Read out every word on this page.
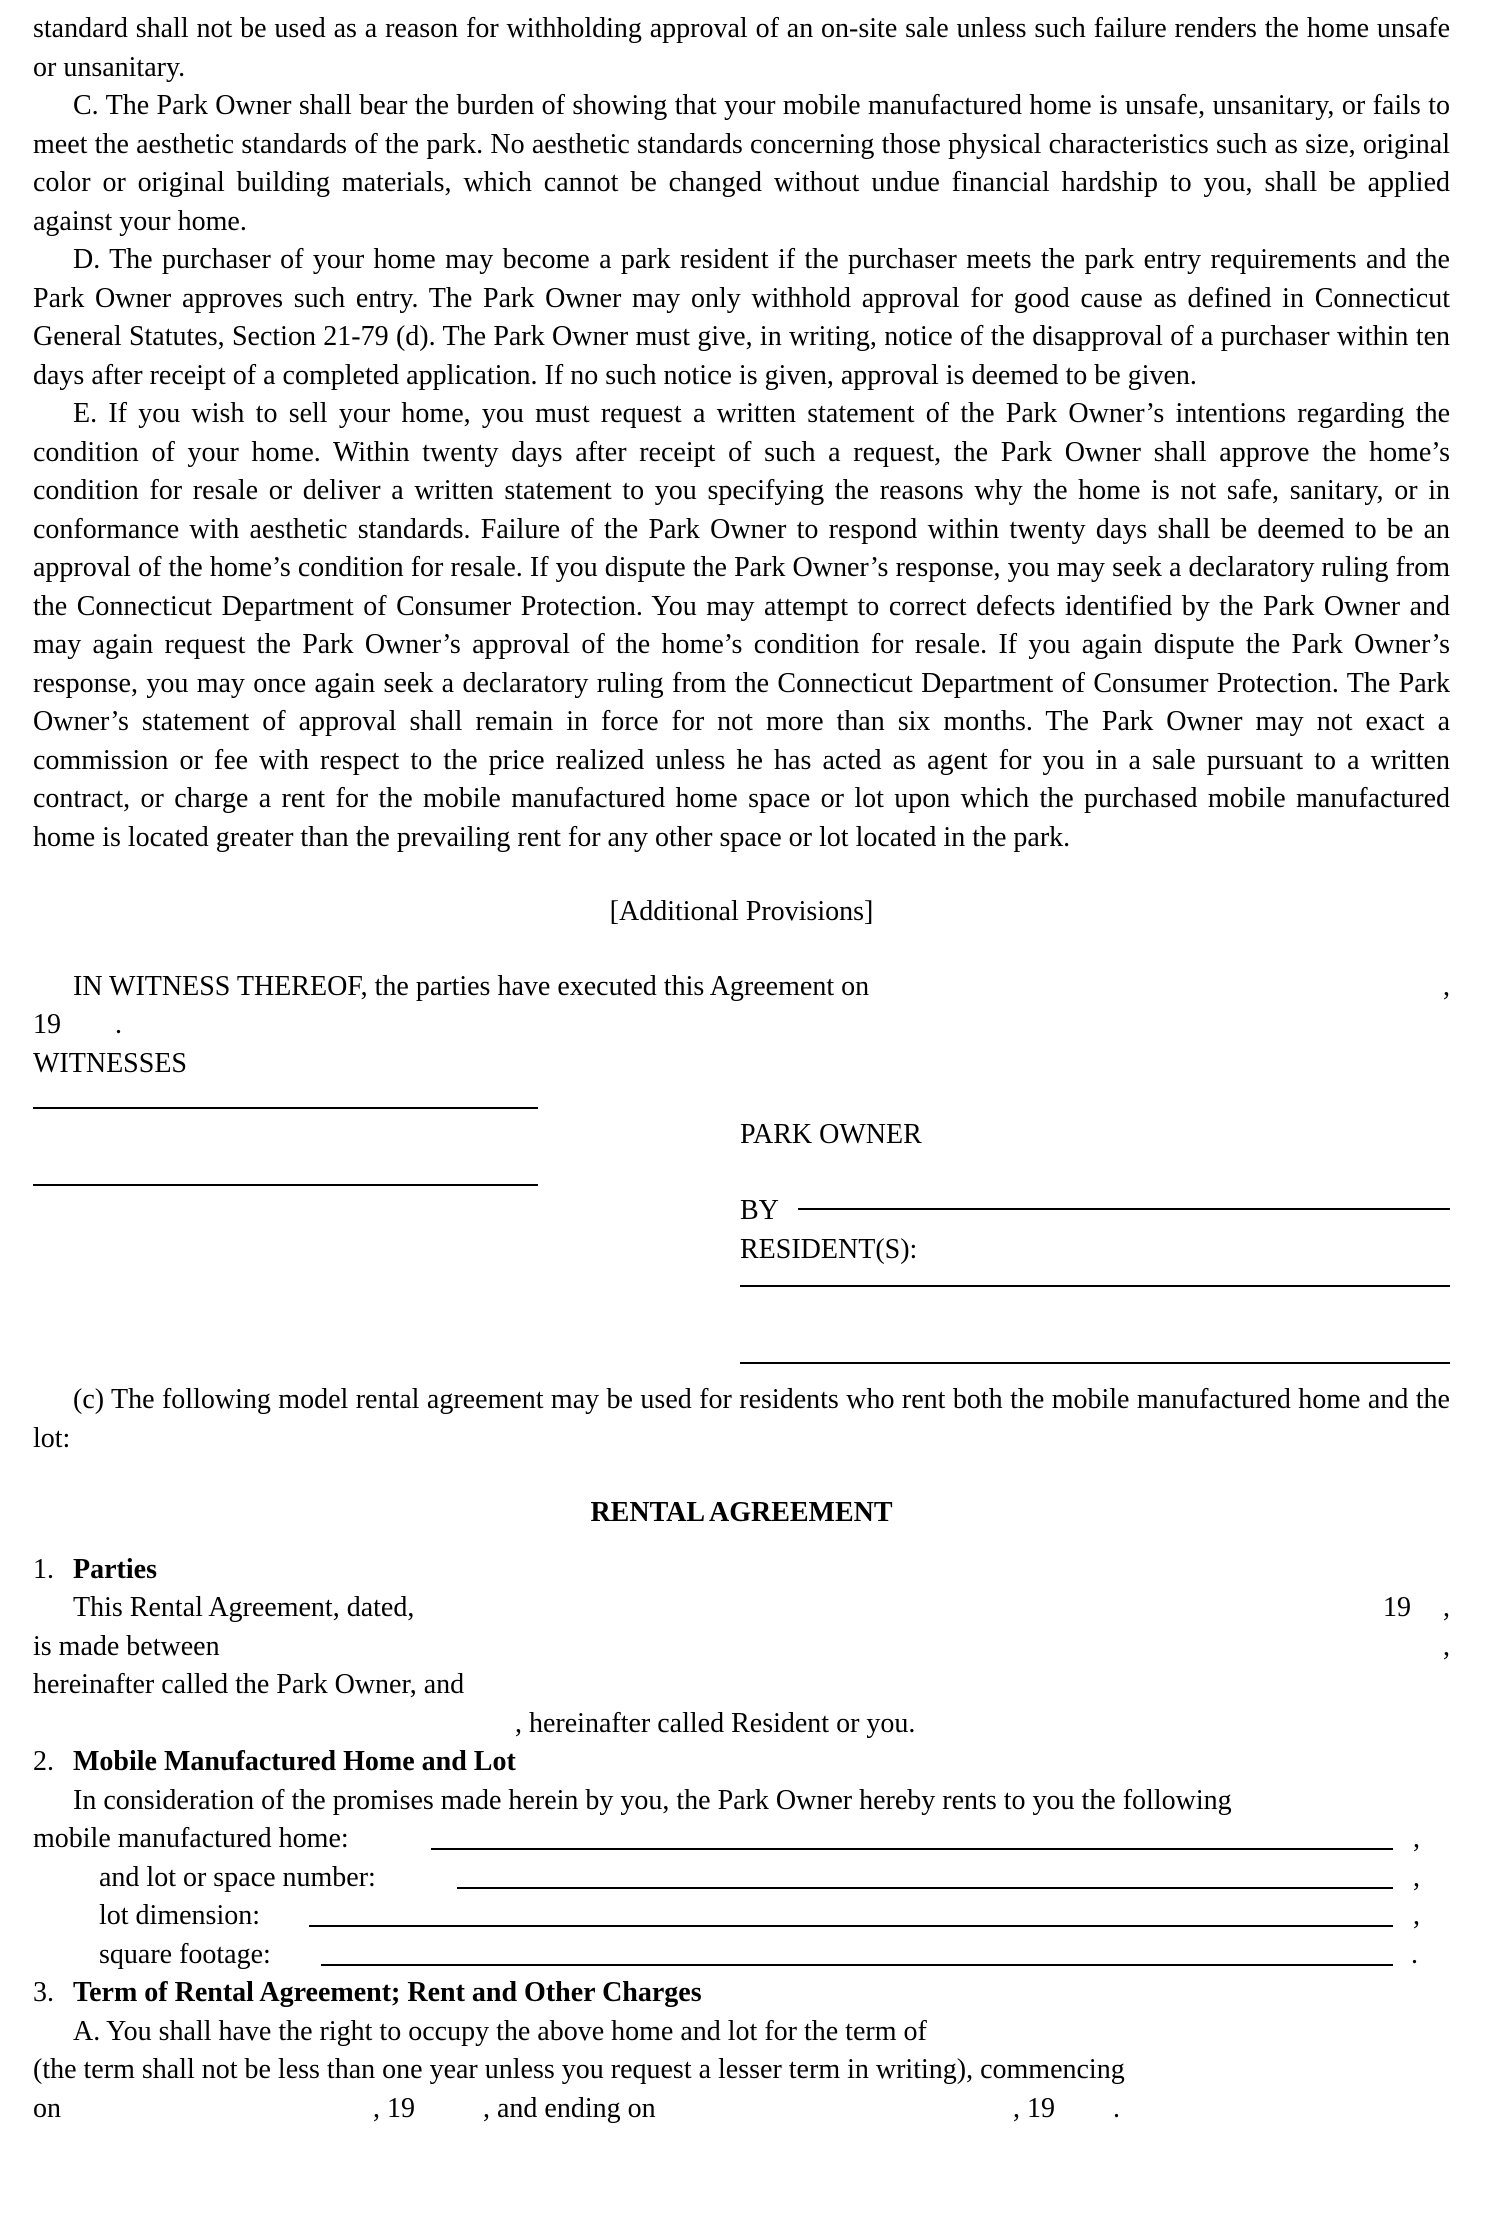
standard shall not be used as a reason for withholding approval of an on-site sale unless such failure renders the home unsafe or unsanitary.

C. The Park Owner shall bear the burden of showing that your mobile manufactured home is unsafe, unsanitary, or fails to meet the aesthetic standards of the park. No aesthetic standards concerning those physical characteristics such as size, original color or original building materials, which cannot be changed without undue financial hardship to you, shall be applied against your home.

D. The purchaser of your home may become a park resident if the purchaser meets the park entry requirements and the Park Owner approves such entry. The Park Owner may only withhold approval for good cause as defined in Connecticut General Statutes, Section 21-79 (d). The Park Owner must give, in writing, notice of the disapproval of a purchaser within ten days after receipt of a completed application. If no such notice is given, approval is deemed to be given.

E. If you wish to sell your home, you must request a written statement of the Park Owner’s intentions regarding the condition of your home. Within twenty days after receipt of such a request, the Park Owner shall approve the home’s condition for resale or deliver a written statement to you specifying the reasons why the home is not safe, sanitary, or in conformance with aesthetic standards. Failure of the Park Owner to respond within twenty days shall be deemed to be an approval of the home’s condition for resale. If you dispute the Park Owner’s response, you may seek a declaratory ruling from the Connecticut Department of Consumer Protection. You may attempt to correct defects identified by the Park Owner and may again request the Park Owner’s approval of the home’s condition for resale. If you again dispute the Park Owner’s response, you may once again seek a declaratory ruling from the Connecticut Department of Consumer Protection. The Park Owner’s statement of approval shall remain in force for not more than six months. The Park Owner may not exact a commission or fee with respect to the price realized unless he has acted as agent for you in a sale pursuant to a written contract, or charge a rent for the mobile manufactured home space or lot upon which the purchased mobile manufactured home is located greater than the prevailing rent for any other space or lot located in the park.

[Additional Provisions]

IN WITNESS THEREOF, the parties have executed this Agreement on	,
19 .
WITNESSES
PARK OWNER
BY
RESIDENT(S):

(c) The following model rental agreement may be used for residents who rent both the mobile manufactured home and the lot:

RENTAL AGREEMENT

1. Parties
This Rental Agreement, dated,	19 ,
is made between	,
hereinafter called the Park Owner, and
, hereinafter called Resident or you.
2. Mobile Manufactured Home and Lot

In consideration of the promises made herein by you, the Park Owner hereby rents to you the following

mobile manufactured home:	,
and lot or space number:	,
lot dimension:	,
square footage:	.
3. Term of Rental Agreement; Rent and Other Charges
A. You shall have the right to occupy the above home and lot for the term of

(the term shall not be less than one year unless you request a lesser term in writing), commencing

on	, 19 , and ending on	, 19 .
